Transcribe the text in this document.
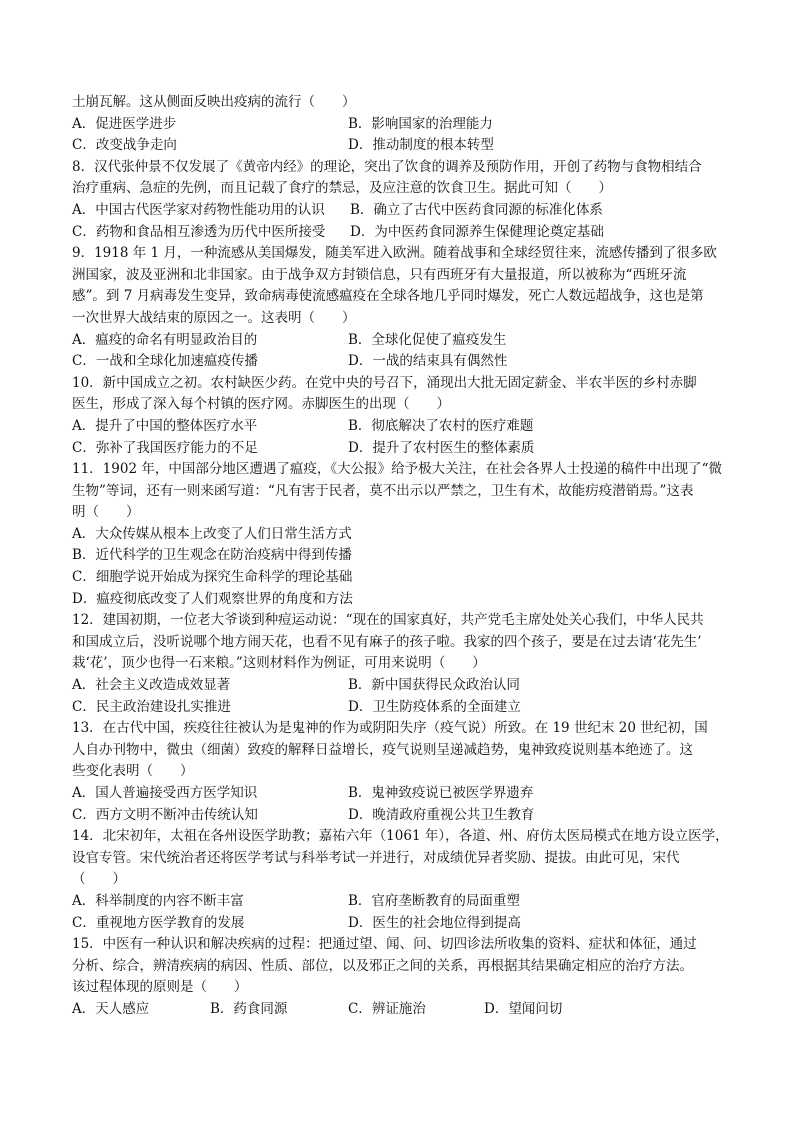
土崩瓦解。这从侧面反映出疫病的流行（　　）
A．促进医学进步	B．影响国家的治理能力
C．改变战争走向	D．推动制度的根本转型
8．汉代张仲景不仅发展了《黄帝内经》的理论，突出了饮食的调养及预防作用，开创了药物与食物相结合
治疗重病、急症的先例，而且记载了食疗的禁忌，及应注意的饮食卫生。据此可知（　　）
A．中国古代医学家对药物性能功用的认识 B．确立了古代中医药食同源的标准化体系
C．药物和食品相互渗透为历代中医所接受 D．为中医药食同源养生保健理论奠定基础
9．1918 年 1 月，一种流感从美国爆发，随美军进入欧洲。随着战事和全球经贸往来，流感传播到了很多欧
洲国家，波及亚洲和北非国家。由于战争双方封锁信息，只有西班牙有大量报道，所以被称为“西班牙流
感”。到 7 月病毒发生变异，致命病毒使流感瘟疫在全球各地几乎同时爆发，死亡人数远超战争，这也是第
一次世界大战结束的原因之一。这表明（　　）
A．瘟疫的命名有明显政治目的	B．全球化促使了瘟疫发生
C．一战和全球化加速瘟疫传播	D．一战的结束具有偶然性
10．新中国成立之初。农村缺医少药。在党中央的号召下，涌现出大批无固定薪金、半农半医的乡村赤脚
医生，形成了深入每个村镇的医疗网。赤脚医生的出现（　　）
A．提升了中国的整体医疗水平	B．彻底解决了农村的医疗难题
C．弥补了我国医疗能力的不足	D．提升了农村医生的整体素质
11．1902 年，中国部分地区遭遇了瘟疫，《大公报》给予极大关注，在社会各界人士投递的稿件中出现了“微
生物”等词，还有一则来函写道：“凡有害于民者，莫不出示以严禁之，卫生有术，故能疠疫潜销焉。”这表
明（　　）
A．大众传媒从根本上改变了人们日常生活方式
B．近代科学的卫生观念在防治疫病中得到传播
C．细胞学说开始成为探究生命科学的理论基础
D．瘟疫彻底改变了人们观察世界的角度和方法
12．建国初期，一位老大爷谈到种痘运动说：“现在的国家真好，共产党毛主席处处关心我们，中华人民共
和国成立后，没听说哪个地方闹天花，也看不见有麻子的孩子啦。我家的四个孩子，要是在过去请‘花先生’
栽‘花’，顶少也得一石来粮。”这则材料作为例证，可用来说明（　　）
A．社会主义改造成效显著	B．新中国获得民众政治认同
C．民主政治建设扎实推进	D．卫生防疫体系的全面建立
13．在古代中国，疾疫往往被认为是鬼神的作为或阴阳失序（疫气说）所致。在 19 世纪末 20 世纪初，国
人自办刊物中，微虫（细菌）致疫的解释日益增长，疫气说则呈递减趋势，鬼神致疫说则基本绝迹了。这
些变化表明（　　）
A．国人普遍接受西方医学知识	B．鬼神致疫说已被医学界遗弃
C．西方文明不断冲击传统认知	D．晚清政府重视公共卫生教育
14．北宋初年，太祖在各州设医学助教；嘉祐六年（1061 年），各道、州、府仿太医局模式在地方设立医学，
设官专管。宋代统治者还将医学考试与科举考试一并进行，对成绩优异者奖励、提拔。由此可见，宋代
（　　）
A．科举制度的内容不断丰富	B．官府垄断教育的局面重塑
C．重视地方医学教育的发展	D．医生的社会地位得到提高
15．中医有一种认识和解决疾病的过程：把通过望、闻、问、切四诊法所收集的资料、症状和体征，通过
分析、综合，辨清疾病的病因、性质、部位，以及邪正之间的关系，再根据其结果确定相应的治疗方法。
该过程体现的原则是（　　）
A．天人感应	B．药食同源	C．辨证施治	D．望闻问切
